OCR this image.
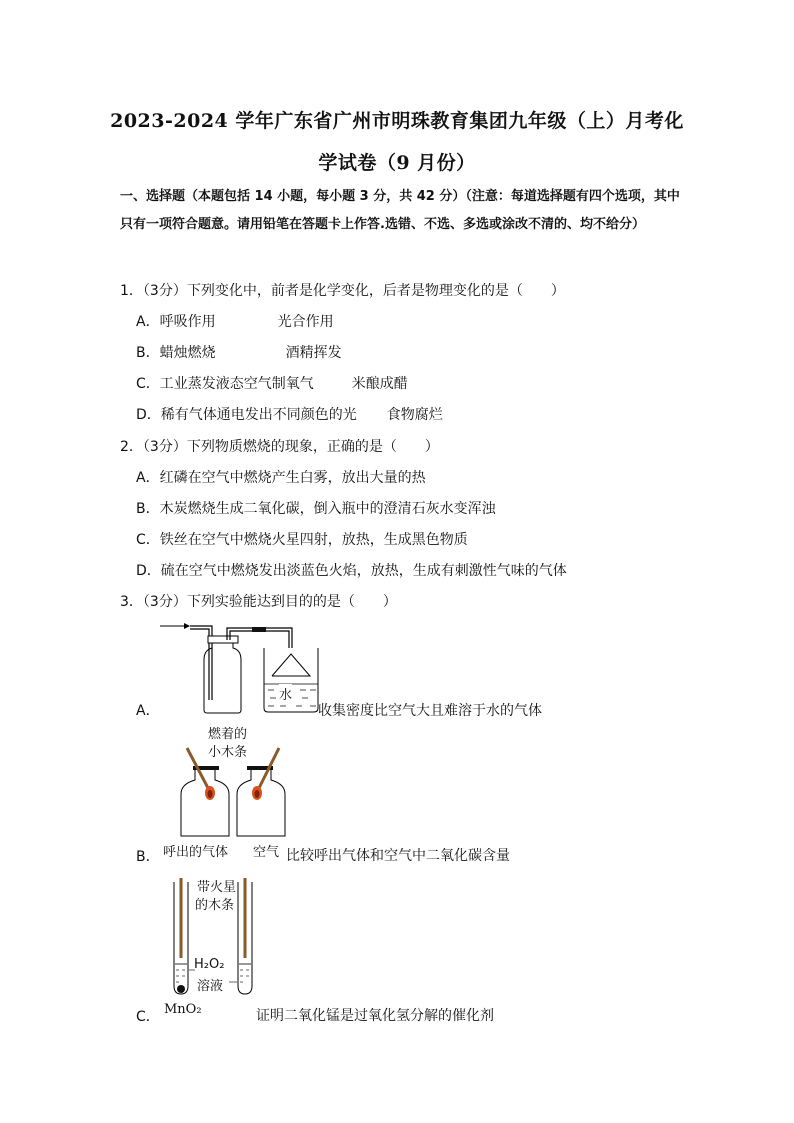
2023-2024 学年广东省广州市明珠教育集团九年级（上）月考化
学试卷（9 月份）
一、选择题（本题包括 14 小题，每小题 3 分，共 42 分）（注意：每道选择题有四个选项，其中只有一项符合题意。请用铅笔在答题卡上作答.选错、不选、多选或涂改不清的、均不给分）
1．（3分）下列变化中，前者是化学变化，后者是物理变化的是（　　）
A．呼吸作用	光合作用
B．蜡烛燃烧	酒精挥发
C．工业蒸发液态空气制氧气	米酿成醋
D．稀有气体通电发出不同颜色的光 食物腐烂
2．（3分）下列物质燃烧的现象，正确的是（　　）
A．红磷在空气中燃烧产生白雾，放出大量的热
B．木炭燃烧生成二氧化碳，倒入瓶中的澄清石灰水变浑浊
C．铁丝在空气中燃烧火星四射，放热，生成黑色物质
D．硫在空气中燃烧发出淡蓝色火焰，放热，生成有刺激性气味的气体
3．（3分）下列实验能达到目的的是（　　）
A．
水
收集密度比空气大且难溶于水的气体
燃着的
小木条
B． 呼出的气体 空气 比较呼出气体和空气中二氧化碳含量
带火星
的木条
H₂O₂
溶液
C． MnO₂	证明二氧化锰是过氧化氢分解的催化剂
